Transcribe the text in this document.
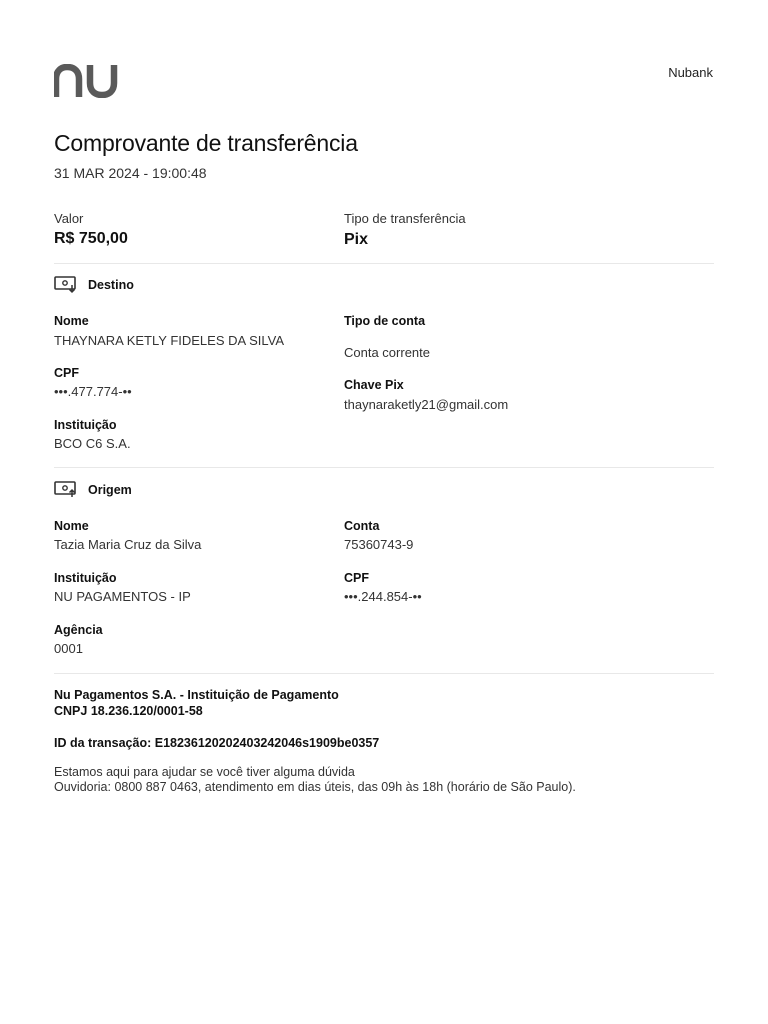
Nubank
Comprovante de transferência
31 MAR 2024 - 19:00:48
Valor
R$ 750,00
Tipo de transferência
Pix
Destino
Nome
THAYNARA KETLY FIDELES DA SILVA
CPF
•••.477.774-••
Instituição
BCO C6 S.A.
Tipo de conta
Conta corrente
Chave Pix
thaynaraketly21@gmail.com
Origem
Nome
Tazia Maria Cruz da Silva
Instituição
NU PAGAMENTOS - IP
Agência
0001
Conta
75360743-9
CPF
•••.244.854-••
Nu Pagamentos S.A. - Instituição de Pagamento
CNPJ 18.236.120/0001-58
ID da transação: E18236120202403242046s1909be0357
Estamos aqui para ajudar se você tiver alguma dúvida
Ouvidoria: 0800 887 0463, atendimento em dias úteis, das 09h às 18h (horário de São Paulo).
